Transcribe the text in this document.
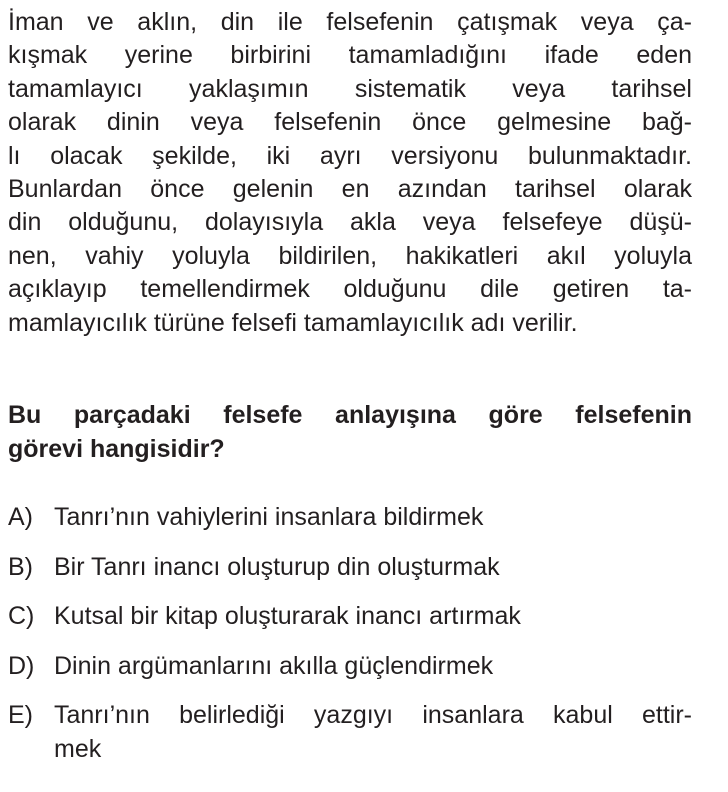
İman ve aklın, din ile felsefenin çatışmak veya ça-
kışmak yerine birbirini tamamladığını ifade eden
tamamlayıcı yaklaşımın sistematik veya tarihsel
olarak dinin veya felsefenin önce gelmesine bağ-
lı olacak şekilde, iki ayrı versiyonu bulunmaktadır.
Bunlardan önce gelenin en azından tarihsel olarak
din olduğunu, dolayısıyla akla veya felsefeye düşü-
nen, vahiy yoluyla bildirilen, hakikatleri akıl yoluyla
açıklayıp temellendirmek olduğunu dile getiren ta-
mamlayıcılık türüne felsefi tamamlayıcılık adı verilir.
Bu parçadaki felsefe anlayışına göre felsefenin
görevi hangisidir?
A) Tanrı’nın vahiylerini insanlara bildirmek
B) Bir Tanrı inancı oluşturup din oluşturmak
C) Kutsal bir kitap oluşturarak inancı artırmak
D) Dinin argümanlarını akılla güçlendirmek
E) Tanrı’nın belirlediği yazgıyı insanlara kabul ettir-
mek
